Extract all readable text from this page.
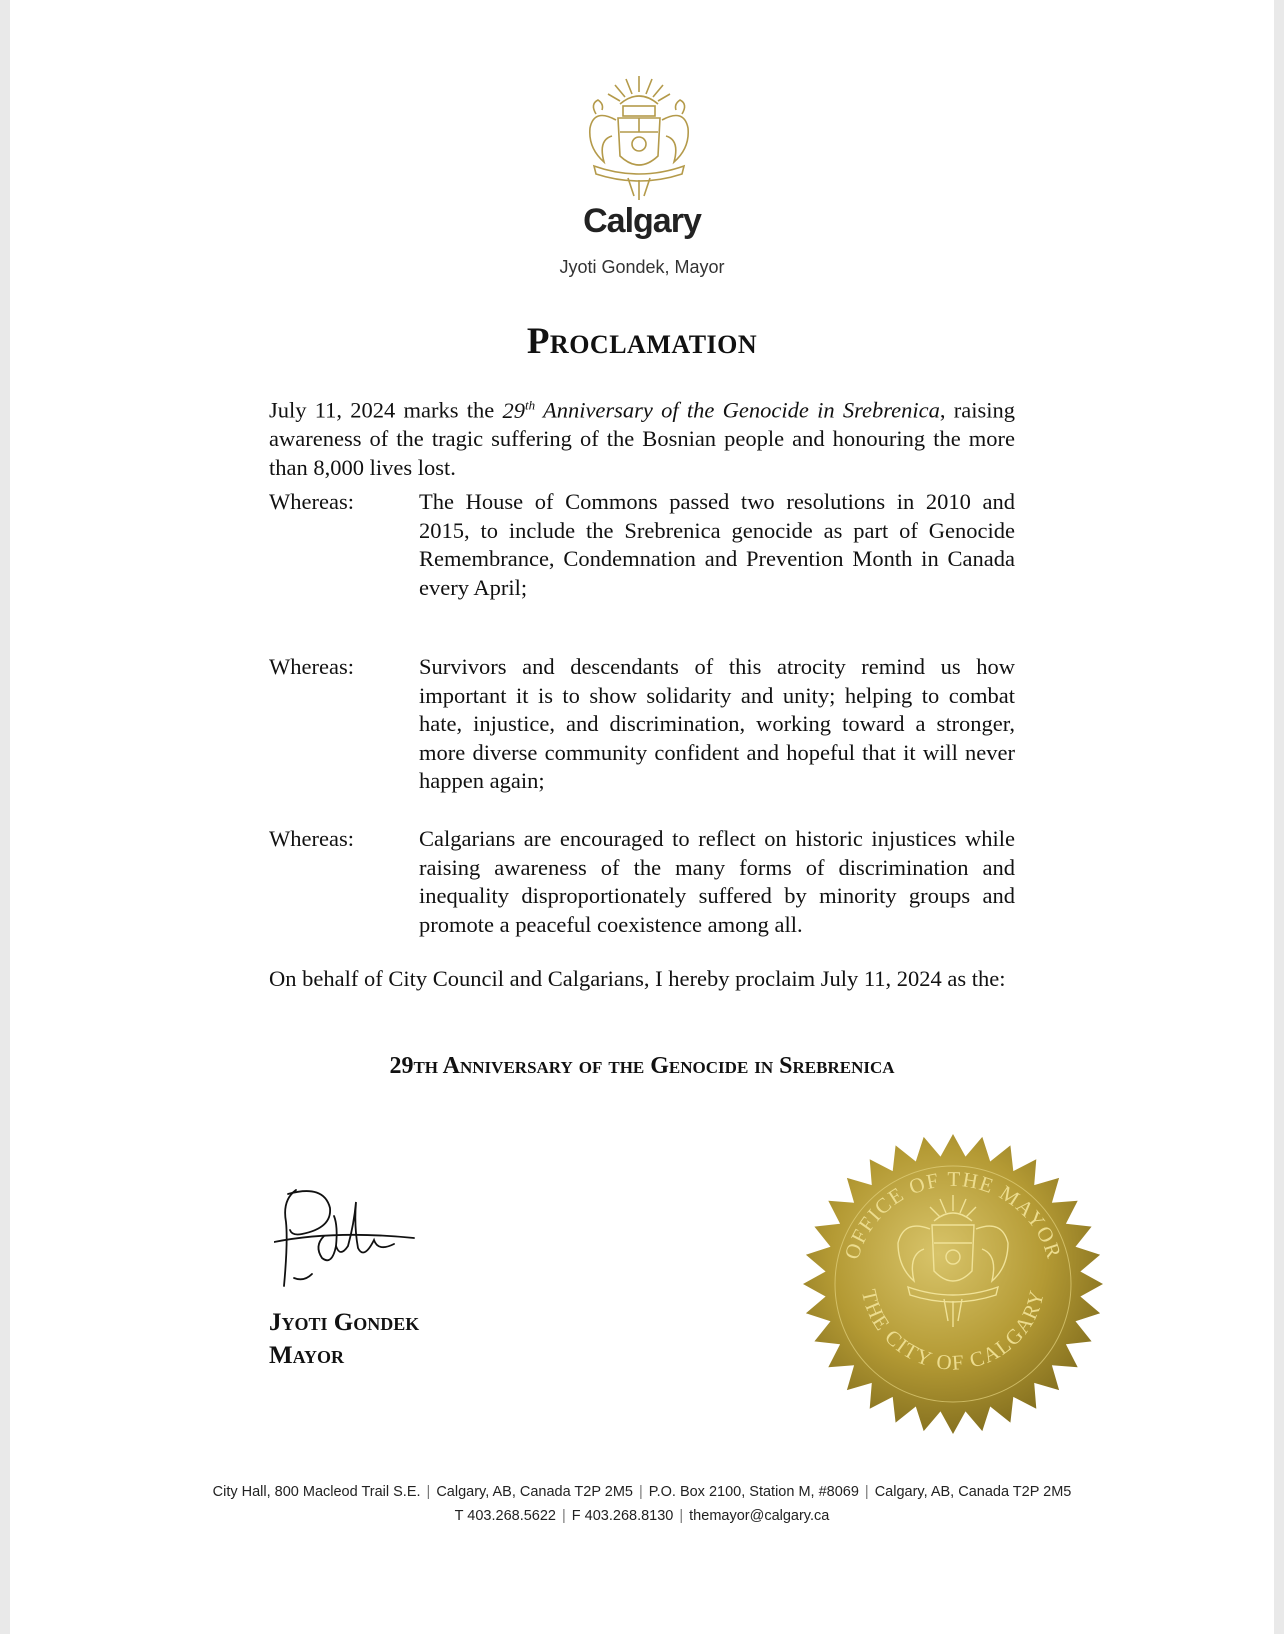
Calgary
Jyoti Gondek, Mayor
Proclamation
July 11, 2024 marks the 29th Anniversary of the Genocide in Srebrenica, raising awareness of the tragic suffering of the Bosnian people and honouring the more than 8,000 lives lost.
Whereas:	The House of Commons passed two resolutions in 2010 and 2015, to include the Srebrenica genocide as part of Genocide Remembrance, Condemnation and Prevention Month in Canada every April;
Whereas:	Survivors and descendants of this atrocity remind us how important it is to show solidarity and unity; helping to combat hate, injustice, and discrimination, working toward a stronger, more diverse community confident and hopeful that it will never happen again;
Whereas:	Calgarians are encouraged to reflect on historic injustices while raising awareness of the many forms of discrimination and inequality disproportionately suffered by minority groups and promote a peaceful coexistence among all.
On behalf of City Council and Calgarians, I hereby proclaim July 11, 2024 as the:
29th Anniversary of the Genocide in Srebrenica
Jyoti Gondek
Mayor
OFFICE OF THE MAYOR
THE CITY OF CALGARY
City Hall, 800 Macleod Trail S.E. | Calgary, AB, Canada T2P 2M5 | P.O. Box 2100, Station M, #8069 | Calgary, AB, Canada T2P 2M5
T 403.268.5622 | F 403.268.8130 | themayor@calgary.ca
